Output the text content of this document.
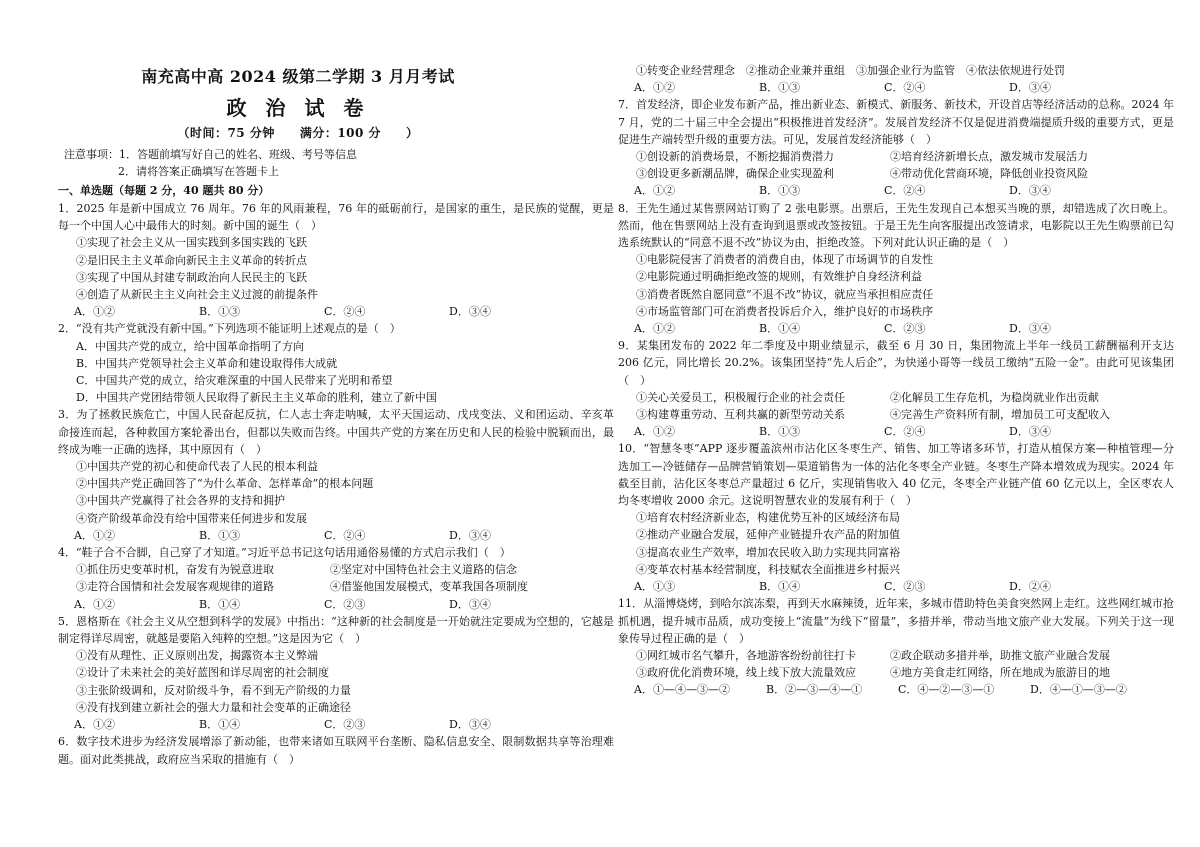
南充高中高 2024 级第二学期 3 月月考试

政 治 试 卷

（时间：75 分钟　　满分：100 分　　）

注意事项：1．答题前填写好自己的姓名、班级、考号等信息
2．请将答案正确填写在答题卡上
一、单选题（每题 2 分，40 题共 80 分）
1．2025 年是新中国成立 76 周年。76 年的风雨兼程，76 年的砥砺前行，是国家的重生，是民族的觉醒，更是每一个中国人心中最伟大的时刻。新中国的诞生（　）
①实现了社会主义从一国实践到多国实践的飞跃
②是旧民主主义革命向新民主主义革命的转折点
③实现了中国从封建专制政治向人民民主的飞跃
④创造了从新民主主义向社会主义过渡的前提条件
A．①②	B．①③	C．②④	D．③④
2．“没有共产党就没有新中国。”下列选项不能证明上述观点的是（　）
A．中国共产党的成立，给中国革命指明了方向
B．中国共产党领导社会主义革命和建设取得伟大成就
C．中国共产党的成立，给灾难深重的中国人民带来了光明和希望
D．中国共产党团结带领人民取得了新民主主义革命的胜利，建立了新中国
3．为了拯救民族危亡，中国人民奋起反抗，仁人志士奔走呐喊，太平天国运动、戊戌变法、义和团运动、辛亥革命接连而起，各种救国方案轮番出台，但都以失败而告终。中国共产党的方案在历史和人民的检验中脱颖而出，最终成为唯一正确的选择，其中原因有（　）
①中国共产党的初心和使命代表了人民的根本利益
②中国共产党正确回答了“为什么革命、怎样革命”的根本问题
③中国共产党赢得了社会各界的支持和拥护
④资产阶级革命没有给中国带来任何进步和发展
A．①②	B．①③	C．②④	D．③④
4．“鞋子合不合脚，自己穿了才知道。”习近平总书记这句话用通俗易懂的方式启示我们（　）
①抓住历史变革时机，奋发有为锐意进取	②坚定对中国特色社会主义道路的信念
③走符合国情和社会发展客观规律的道路	④借鉴他国发展模式，变革我国各项制度
A．①②	B．①④	C．②③	D．③④
5．恩格斯在《社会主义从空想到科学的发展》中指出：“这种新的社会制度是一开始就注定要成为空想的，它越是制定得详尽周密，就越是要陷入纯粹的空想。”这是因为它（　）
①没有从理性、正义原则出发，揭露资本主义弊端
②设计了未来社会的美好蓝图和详尽周密的社会制度
③主张阶级调和，反对阶级斗争，看不到无产阶级的力量
④没有找到建立新社会的强大力量和社会变革的正确途径
A．①②	B．①④	C．②③	D．③④
6．数字技术进步为经济发展增添了新动能，也带来诸如互联网平台垄断、隐私信息安全、限制数据共享等治理难题。面对此类挑战，政府应当采取的措施有（　）
①转变企业经营理念　②推动企业兼并重组　③加强企业行为监管　④依法依规进行处罚
A．①②	B．①③	C．②④	D．③④
7．首发经济，即企业发布新产品，推出新业态、新模式、新服务、新技术，开设首店等经济活动的总称。2024 年 7 月，党的二十届三中全会提出“积极推进首发经济”。发展首发经济不仅是促进消费端提质升级的重要方式，更是促进生产端转型升级的重要方法。可见，发展首发经济能够（　）
①创设新的消费场景，不断挖掘消费潜力	②培育经济新增长点，激发城市发展活力
③创设更多新潮品牌，确保企业实现盈利	④带动优化营商环境，降低创业投资风险
A．①②	B．①③	C．②④	D．③④
8．王先生通过某售票网站订购了 2 张电影票。出票后，王先生发现自己本想买当晚的票，却错选成了次日晚上。然而，他在售票网站上没有查询到退票或改签按钮。于是王先生向客服提出改签请求，电影院以王先生购票前已勾选系统默认的“同意不退不改”协议为由，拒绝改签。下列对此认识正确的是（　）
①电影院侵害了消费者的消费自由，体现了市场调节的自发性
②电影院通过明确拒绝改签的规则，有效维护自身经济利益
③消费者既然自愿同意“不退不改”协议，就应当承担相应责任
④市场监管部门可在消费者投诉后介入，维护良好的市场秩序
A．①②	B．①④	C．②③	D．③④
9．某集团发布的 2022 年二季度及中期业绩显示，截至 6 月 30 日，集团物流上半年一线员工薪酬福利开支达 206 亿元，同比增长 20.2%。该集团坚持“先人后企”，为快递小哥等一线员工缴纳“五险一金”。由此可见该集团（　）
①关心关爱员工，积极履行企业的社会责任	②化解员工生存危机，为稳岗就业作出贡献
③构建尊重劳动、互利共赢的新型劳动关系	④完善生产资料所有制，增加员工可支配收入
A．①②	B．①③	C．②④	D．③④
10．“智慧冬枣”APP 逐步覆盖滨州市沾化区冬枣生产、销售、加工等诸多环节，打造从植保方案—种植管理—分选加工—冷链储存—品牌营销策划—渠道销售为一体的沾化冬枣全产业链。冬枣生产降本增效成为现实。2024 年截至目前，沾化区冬枣总产量超过 6 亿斤，实现销售收入 40 亿元，冬枣全产业链产值 60 亿元以上，全区枣农人均冬枣增收 2000 余元。这说明智慧农业的发展有利于（　）
①培育农村经济新业态，构建优势互补的区域经济布局
②推动产业融合发展，延伸产业链提升农产品的附加值
③提高农业生产效率，增加农民收入助力实现共同富裕
④变革农村基本经营制度，科技赋农全面推进乡村振兴
A．①③	B．①④	C．②③	D．②④
11．从淄博烧烤，到哈尔滨冻梨，再到天水麻辣烫，近年来，多城市借助特色美食突然网上走红。这些网红城市抢抓机遇，提升城市品质，成功变接上“流量”为线下“留量”，多措并举，带动当地文旅产业大发展。下列关于这一现象传导过程正确的是（　）
①网红城市名气攀升，各地游客纷纷前往打卡	②政企联动多措并举，助推文旅产业融合发展
③政府优化消费环境，线上线下放大流量效应	④地方美食走红网络，所在地成为旅游目的地
A．①—④—③—②	B．②—③—④—①	C．④—②—③—①	D．④—①—③—②
